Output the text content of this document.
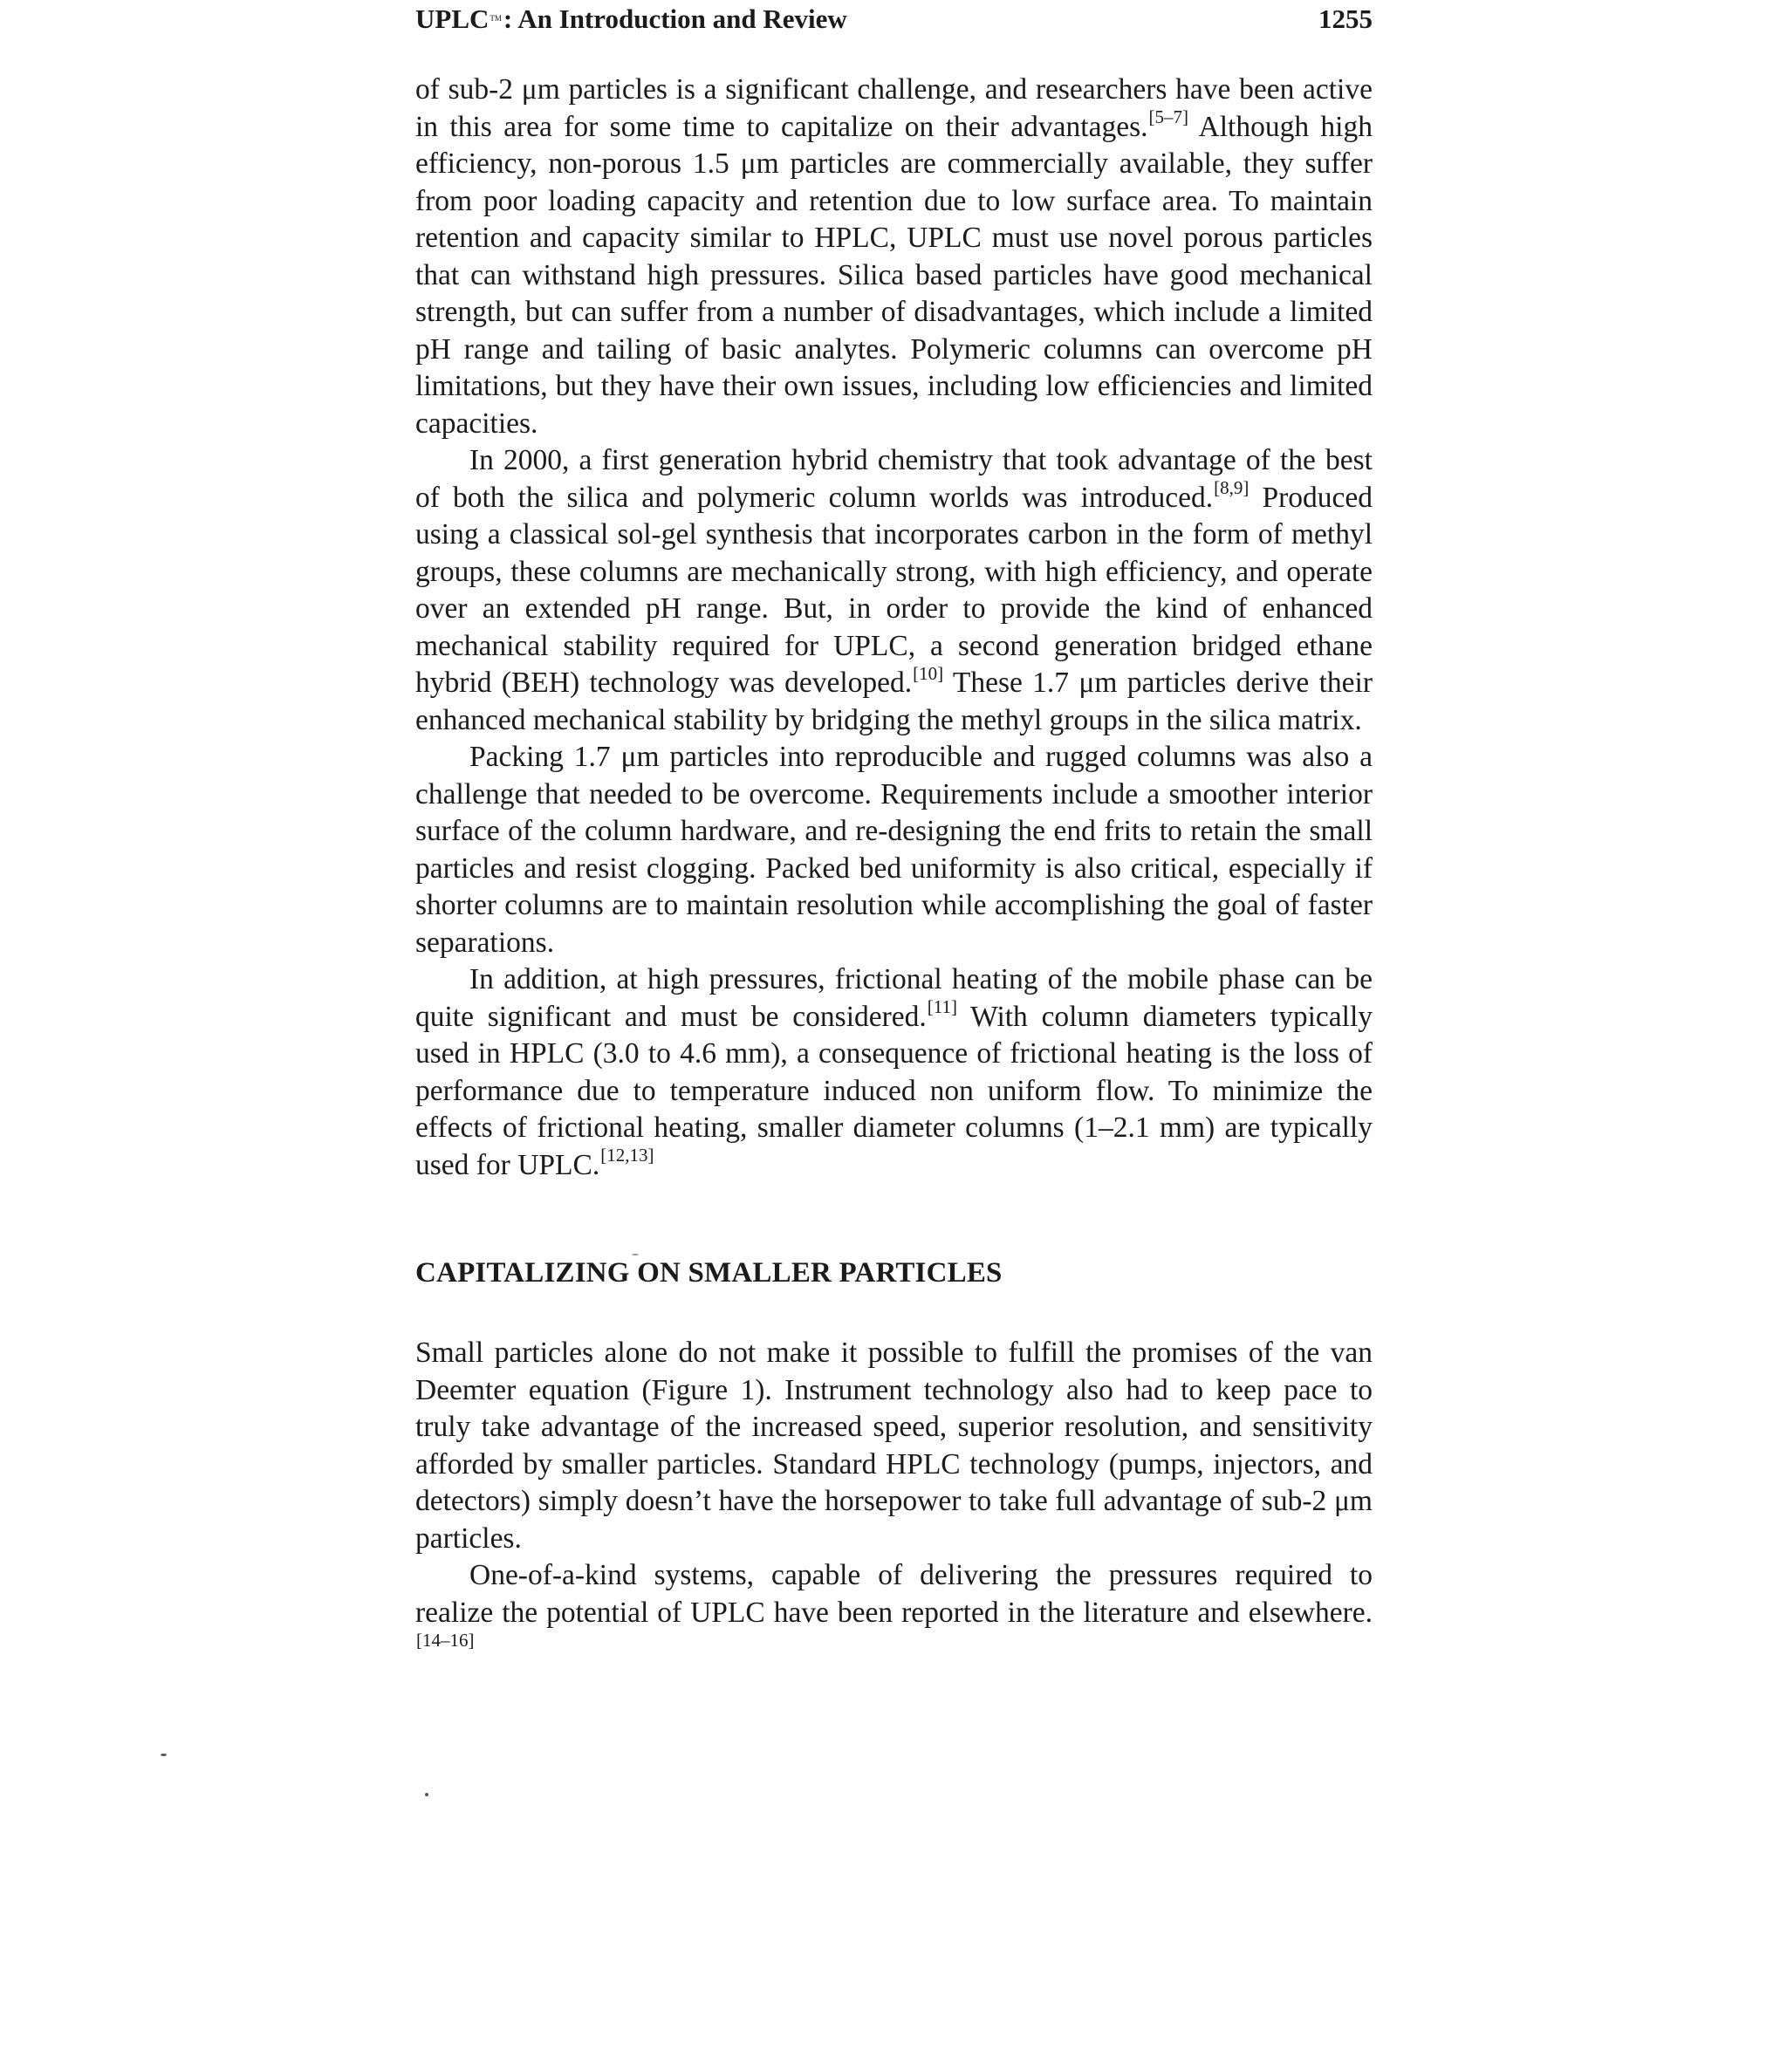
UPLC™: An Introduction and Review	1255

of sub-2 μm particles is a significant challenge, and researchers have been active in this area for some time to capitalize on their advantages.[5–7] Although high efficiency, non-porous 1.5 μm particles are commercially available, they suffer from poor loading capacity and retention due to low surface area. To maintain retention and capacity similar to HPLC, UPLC must use novel porous particles that can withstand high pressures. Silica based particles have good mechanical strength, but can suffer from a number of disadvantages, which include a limited pH range and tailing of basic analytes. Polymeric columns can overcome pH limitations, but they have their own issues, including low efficiencies and limited capacities.

In 2000, a first generation hybrid chemistry that took advantage of the best of both the silica and polymeric column worlds was introduced.[8,9] Produced using a classical sol-gel synthesis that incorporates carbon in the form of methyl groups, these columns are mechanically strong, with high efficiency, and operate over an extended pH range. But, in order to provide the kind of enhanced mechanical stability required for UPLC, a second generation bridged ethane hybrid (BEH) technology was developed.[10] These 1.7 μm particles derive their enhanced mechanical stability by bridging the methyl groups in the silica matrix.

Packing 1.7 μm particles into reproducible and rugged columns was also a challenge that needed to be overcome. Requirements include a smoother interior surface of the column hardware, and re-designing the end frits to retain the small particles and resist clogging. Packed bed uniformity is also critical, especially if shorter columns are to maintain resolution while accomplishing the goal of faster separations.

In addition, at high pressures, frictional heating of the mobile phase can be quite significant and must be considered.[11] With column diameters typically used in HPLC (3.0 to 4.6 mm), a consequence of frictional heating is the loss of performance due to temperature induced non uniform flow. To minimize the effects of frictional heating, smaller diameter columns (1–2.1 mm) are typically used for UPLC.[12,13]

CAPITALIZING ON SMALLER PARTICLES

Small particles alone do not make it possible to fulfill the promises of the van Deemter equation (Figure 1). Instrument technology also had to keep pace to truly take advantage of the increased speed, superior resolution, and sensitivity afforded by smaller particles. Standard HPLC technology (pumps, injectors, and detectors) simply doesn’t have the horsepower to take full advantage of sub-2 μm particles.

One-of-a-kind systems, capable of delivering the pressures required to realize the potential of UPLC have been reported in the literature and elsewhere.[14–16]
